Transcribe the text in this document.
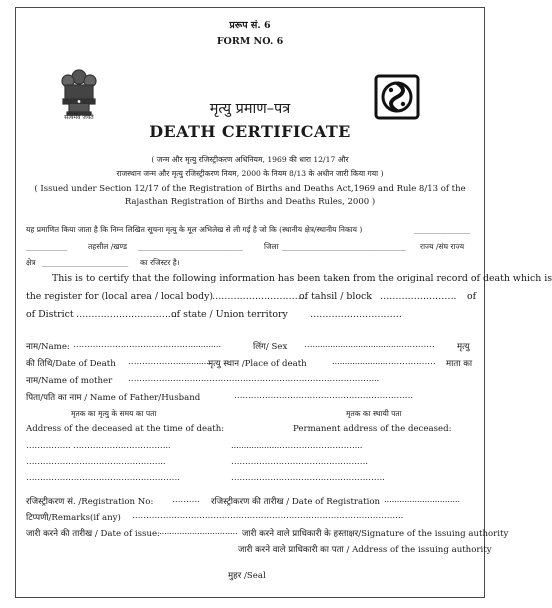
प्ररूप सं. 6
FORM NO. 6
सत्यमेव जयते
मृत्यु प्रमाण–पत्र
DEATH CERTIFICATE
( जन्म और मृत्यु रजिस्ट्रीकरण अधिनियम, 1969 की धारा 12/17 और
राजस्थान जन्म और मृत्यु रजिस्ट्रीकरण नियम, 2000 के नियम 8/13 के अधीन जारी किया गया )
( Issued under Section 12/17 of the Registration of Births and Deaths Act,1969 and Rule 8/13 of the
Rajasthan Registration of Births and Deaths Rules, 2000 )
यह प्रमाणित किया जाता है कि निम्न लिखित सूचना मृत्यु के मूल अभिलेख से ली गई है जो कि (स्थानीय क्षेत्र/स्थानीय निकाय )	_______________
___________	तहसील /खण्ड ____________________________	जिला _________________________________ राज्य /संघ राज्य
क्षेत्र _______________________ का रजिस्टर है।
This is to certify that the following information has been taken from the original record of death which is
the register for (local area / local body)
………………………….
of tahsil / block ……………………. of
of District ……………………………
of state / Union territory …………………………
नाम/Name: ……………………………………............	लिंग/ Sex …...................................…………	मृत्यु
की तिथि/Date of Death ……………….............
मृत्यु स्थान /Place of death	.....................……………… माता का
नाम/Name of mother ……………………………………………………………………………...
पिता/पति का नाम / Name of Father/Husband	……………………………………………………….
मृतक का मृत्यु के समय का पता	मृतक का स्थायी पता
Address of the deceased at the time of death:	Permanent address of the deceased:
……………. ……………………………..	...................………………………...
…………………………………………..	………………………………………….
……………………………………………….	……………………………………………….
रजिस्ट्रीकरण सं. /Registration No: ………. रजिस्ट्रीकरण की तारीख / Date of Registration ..............................
टिप्पणी/Remarks(if any) …………………………………………………………………………………….
जारी करने की तारीख / Date of issue: ............................... जारी करने वाले प्राधिकारी के हस्ताक्षर/Signature of the issuing authority
जारी करने वाले प्राधिकारी का पता / Address of the issuing authority
मुहर /Seal
